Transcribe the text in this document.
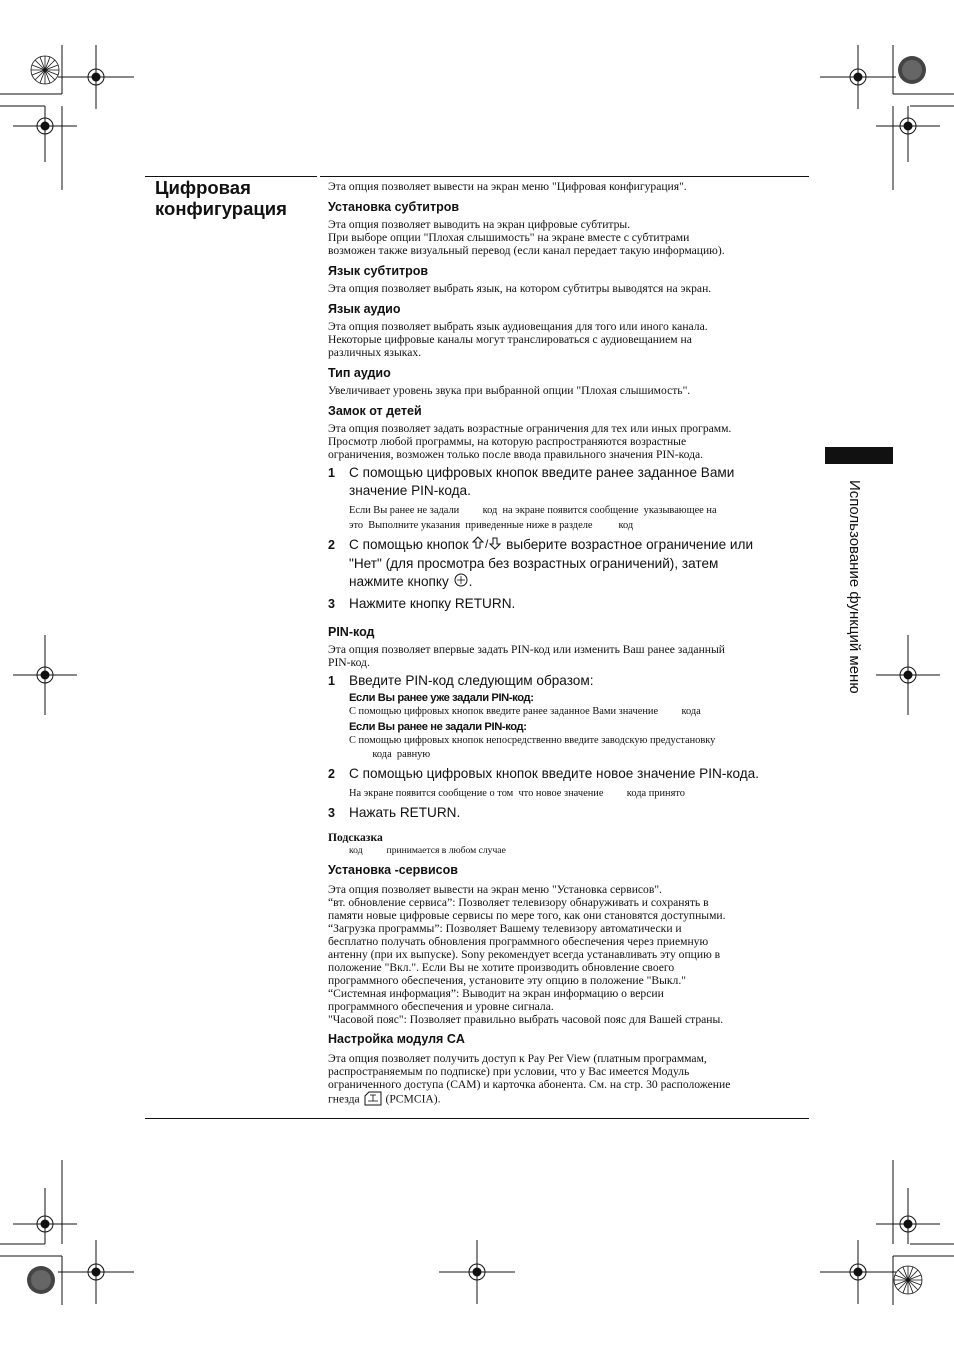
Цифровая
конфигурация
Использование функций меню

Эта опция позволяет вывести на экран меню "Цифровая конфигурация".

Установка субтитров

Эта опция позволяет выводить на экран цифровые субтитры.

При выборе опции "Плохая слышимость" на экране вместе с субтитрами

возможен также визуальный перевод (если канал передает такую информацию).

Язык субтитров

Эта опция позволяет выбрать язык, на котором субтитры выводятся на экран.

Язык аудио

Эта опция позволяет выбрать язык аудиовещания для того или иного канала.

Некоторые цифровые каналы могут транслироваться с аудиовещанием на

различных языках.

Тип аудио

Увеличивает уровень звука при выбранной опции "Плохая слышимость".

Замок от детей

Эта опция позволяет задать возрастные ограничения для тех или иных программ.

Просмотр любой программы, на которую распространяются возрастные

ограничения, возможен только после ввода правильного значения PIN-кода.

1 С помощью цифровых кнопок введите ранее заданное Вами
значение PIN-кода.
Если Вы ранее не задали         код  на экране появится сообщение  указывающее на
это  Выполните указания  приведенные ниже в разделе          код
2 С помощью кнопок / выберите возрастное ограничение или
"Нет" (для просмотра без возрастных ограничений), затем
нажмите кнопку .
3 Нажмите кнопку RETURN.
PIN-код

Эта опция позволяет впервые задать PIN-код или изменить Ваш ранее заданный

PIN-код.

1 Введите PIN-код следующим образом:
Если Вы ранее уже задали PIN-код:
С помощью цифровых кнопок введите ранее заданное Вами значение         кода
Если Вы ранее не задали PIN-код:
С помощью цифровых кнопок непосредственно введите заводскую предустановку
кода  равную
2 С помощью цифровых кнопок введите новое значение PIN-кода.
На экране появится сообщение о том  что новое значение         кода принято
3 Нажать RETURN.
Подсказка
код          принимается в любом случае
Установка -сервисов

Эта опция позволяет вывести на экран меню "Установка сервисов".

“вт. обновление сервиса”: Позволяет телевизору обнаруживать и сохранять в

памяти новые цифровые сервисы по мере того, как они становятся доступными.

“Загрузка программы”: Позволяет Вашему телевизору автоматически и

бесплатно получать обновления программного обеспечения через приемную

антенну (при их выпуске). Sony рекомендует всегда устанавливать эту опцию в

положение "Вкл.". Если Вы не хотите производить обновление своего

программного обеспечения, установите эту опцию в положение "Выкл."

“Системная информация”: Выводит на экран информацию о версии

программного обеспечения и уровне сигнала.

"Часовой пояс": Позволяет правильно выбрать часовой пояс для Вашей страны.

Настройка модуля CA

Эта опция позволяет получить доступ к Pay Per View (платным программам,

распространяемым по подписке) при условии, что у Вас имеется Модуль

ограниченного доступа (CAM) и карточка абонента. См. на стр. 30 расположение

гнезда (PCMCIA).
